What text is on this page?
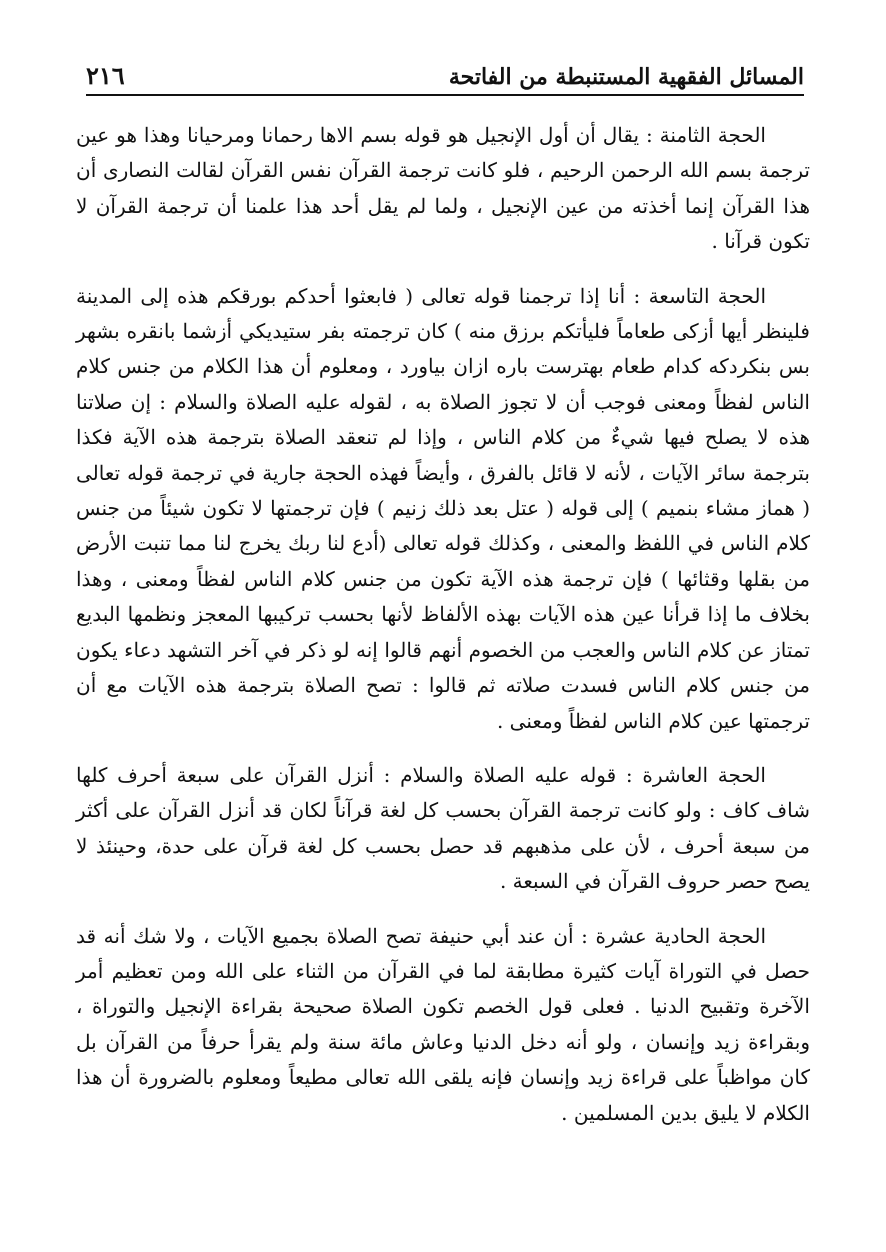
المسائل الفقهية المستنبطة من الفاتحة
٢١٦

الحجة الثامنة : يقال أن أول الإنجيل هو قوله بسم الاها رحمانا ومرحيانا وهذا هو عين ترجمة بسم الله الرحمن الرحيم ، فلو كانت ترجمة القرآن نفس القرآن لقالت النصارى أن هذا القرآن إنما أخذته من عين الإنجيل ، ولما لم يقل أحد هذا علمنا أن ترجمة القرآن لا تكون قرآنا .

الحجة التاسعة : أنا إذا ترجمنا قوله تعالى ( فابعثوا أحدكم بورقكم هذه إلى المدينة فلينظر أيها أزكى طعاماً فليأتكم برزق منه ) كان ترجمته بفر ستيديكي أزشما بانقره بشهر بس بنكردكه كدام طعام بهترست باره ازان بياورد ، ومعلوم أن هذا الكلام من جنس كلام الناس لفظاً ومعنى فوجب أن لا تجوز الصلاة به ، لقوله عليه الصلاة والسلام : إن صلاتنا هذه لا يصلح فيها شيءٌ من كلام الناس ، وإذا لم تنعقد الصلاة بترجمة هذه الآية فكذا بترجمة سائر الآيات ، لأنه لا قائل بالفرق ، وأيضاً فهذه الحجة جارية في ترجمة قوله تعالى ( هماز مشاء بنميم ) إلى قوله ( عتل بعد ذلك زنيم ) فإن ترجمتها لا تكون شيئاً من جنس كلام الناس في اللفظ والمعنى ، وكذلك قوله تعالى (أدع لنا ربك يخرج لنا مما تنبت الأرض من بقلها وقثائها ) فإن ترجمة هذه الآية تكون من جنس كلام الناس لفظاً ومعنى ، وهذا بخلاف ما إذا قرأنا عين هذه الآيات بهذه الألفاظ لأنها بحسب تركيبها المعجز ونظمها البديع تمتاز عن كلام الناس والعجب من الخصوم أنهم قالوا إنه لو ذكر في آخر التشهد دعاء يكون من جنس كلام الناس فسدت صلاته ثم قالوا : تصح الصلاة بترجمة هذه الآيات مع أن ترجمتها عين كلام الناس لفظاً ومعنى .

الحجة العاشرة : قوله عليه الصلاة والسلام : أنزل القرآن على سبعة أحرف كلها شاف كاف : ولو كانت ترجمة القرآن بحسب كل لغة قرآناً لكان قد أنزل القرآن على أكثر من سبعة أحرف ، لأن على مذهبهم قد حصل بحسب كل لغة قرآن على حدة، وحينئذ لا يصح حصر حروف القرآن في السبعة .

الحجة الحادية عشرة : أن عند أبي حنيفة تصح الصلاة بجميع الآيات ، ولا شك أنه قد حصل في التوراة آيات كثيرة مطابقة لما في القرآن من الثناء على الله ومن تعظيم أمر الآخرة وتقبيح الدنيا . فعلى قول الخصم تكون الصلاة صحيحة بقراءة الإنجيل والتوراة ، وبقراءة زيد وإنسان ، ولو أنه دخل الدنيا وعاش مائة سنة ولم يقرأ حرفاً من القرآن بل كان مواظباً على قراءة زيد وإنسان فإنه يلقى الله تعالى مطيعاً ومعلوم بالضرورة أن هذا الكلام لا يليق بدين المسلمين .
